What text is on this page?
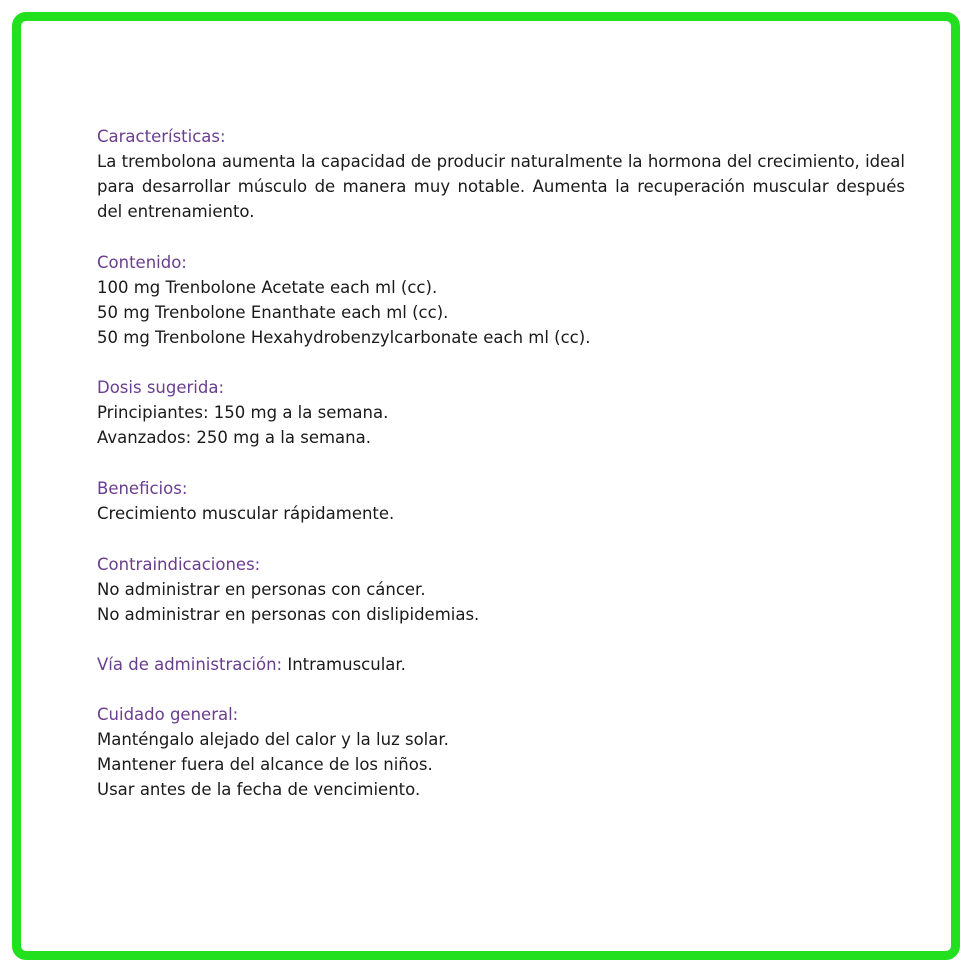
Características:

La trembolona aumenta la capacidad de producir naturalmente la hormona del crecimiento, ideal para desarrollar músculo de manera muy notable. Aumenta la recuperación muscular después del entrenamiento.

Contenido:
100 mg Trenbolone Acetate each ml (cc).
50 mg Trenbolone Enanthate each ml (cc).
50 mg Trenbolone Hexahydrobenzylcarbonate each ml (cc).
Dosis sugerida:
Principiantes: 150 mg a la semana.
Avanzados: 250 mg a la semana.
Beneficios:
Crecimiento muscular rápidamente.
Contraindicaciones:
No administrar en personas con cáncer.
No administrar en personas con dislipidemias.
Vía de administración: Intramuscular.
Cuidado general:
Manténgalo alejado del calor y la luz solar.
Mantener fuera del alcance de los niños.
Usar antes de la fecha de vencimiento.
